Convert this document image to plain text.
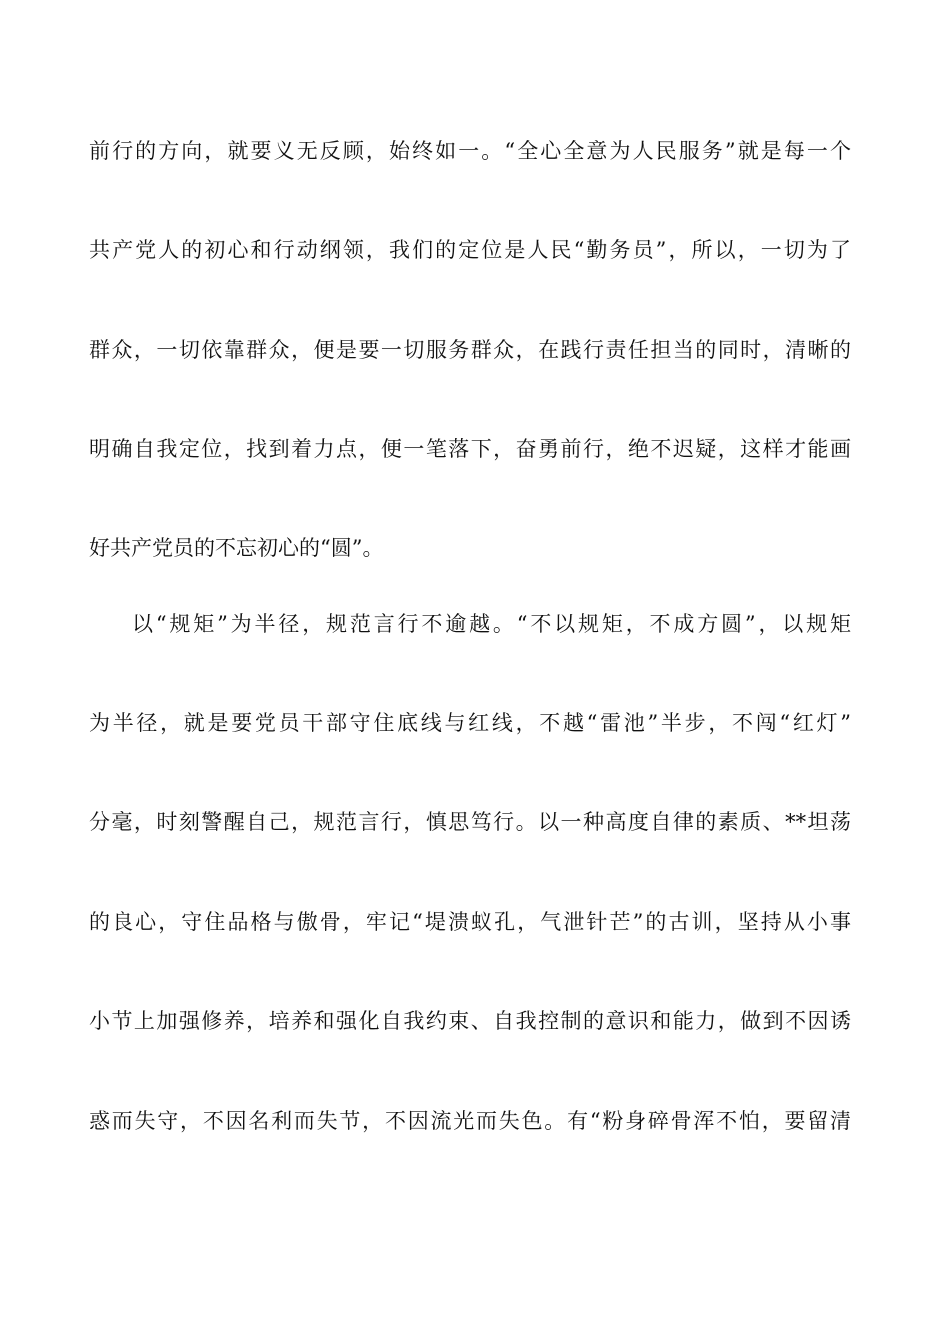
前行的方向，就要义无反顾，始终如一。“全心全意为人民服务”就是每一个
共产党人的初心和行动纲领，我们的定位是人民“勤务员”，所以，一切为了
群众，一切依靠群众，便是要一切服务群众，在践行责任担当的同时，清晰的
明确自我定位，找到着力点，便一笔落下，奋勇前行，绝不迟疑，这样才能画
好共产党员的不忘初心的“圆”。
以“规矩”为半径，规范言行不逾越。“不以规矩，不成方圆”，以规矩
为半径，就是要党员干部守住底线与红线，不越“雷池”半步，不闯“红灯”
分毫，时刻警醒自己，规范言行，慎思笃行。以一种高度自律的素质、**坦荡
的良心，守住品格与傲骨，牢记“堤溃蚁孔，气泄针芒”的古训，坚持从小事
小节上加强修养，培养和强化自我约束、自我控制的意识和能力，做到不因诱
惑而失守，不因名利而失节，不因流光而失色。有“粉身碎骨浑不怕，要留清
